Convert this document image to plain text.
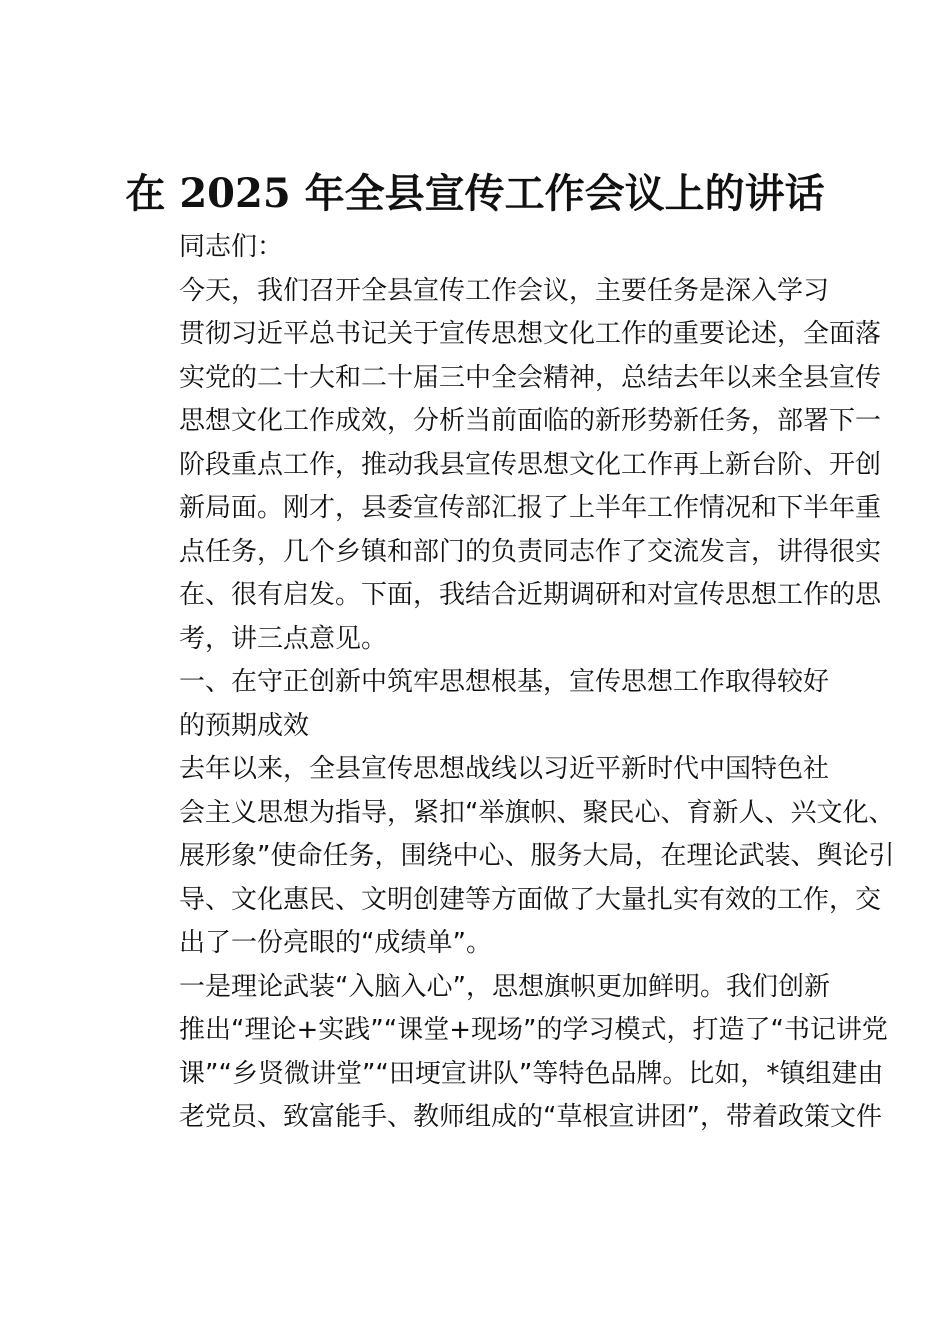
在 2025 年全县宣传工作会议上的讲话

同志们：

今天，我们召开全县宣传工作会议，主要任务是深入学习
贯彻习近平总书记关于宣传思想文化工作的重要论述，全面落
实党的二十大和二十届三中全会精神，总结去年以来全县宣传
思想文化工作成效，分析当前面临的新形势新任务，部署下一
阶段重点工作，推动我县宣传思想文化工作再上新台阶、开创
新局面。刚才，县委宣传部汇报了上半年工作情况和下半年重
点任务，几个乡镇和部门的负责同志作了交流发言，讲得很实
在、很有启发。下面，我结合近期调研和对宣传思想工作的思
考，讲三点意见。

一、在守正创新中筑牢思想根基，宣传思想工作取得较好
的预期成效

去年以来，全县宣传思想战线以习近平新时代中国特色社
会主义思想为指导，紧扣“举旗帜、聚民心、育新人、兴文化、
展形象”使命任务，围绕中心、服务大局，在理论武装、舆论引
导、文化惠民、文明创建等方面做了大量扎实有效的工作，交
出了一份亮眼的“成绩单”。

一是理论武装“入脑入心”，思想旗帜更加鲜明。我们创新
推出“理论+实践”“课堂+现场”的学习模式，打造了“书记讲党
课”“乡贤微讲堂”“田埂宣讲队”等特色品牌。比如，*镇组建由
老党员、致富能手、教师组成的“草根宣讲团”，带着政策文件
